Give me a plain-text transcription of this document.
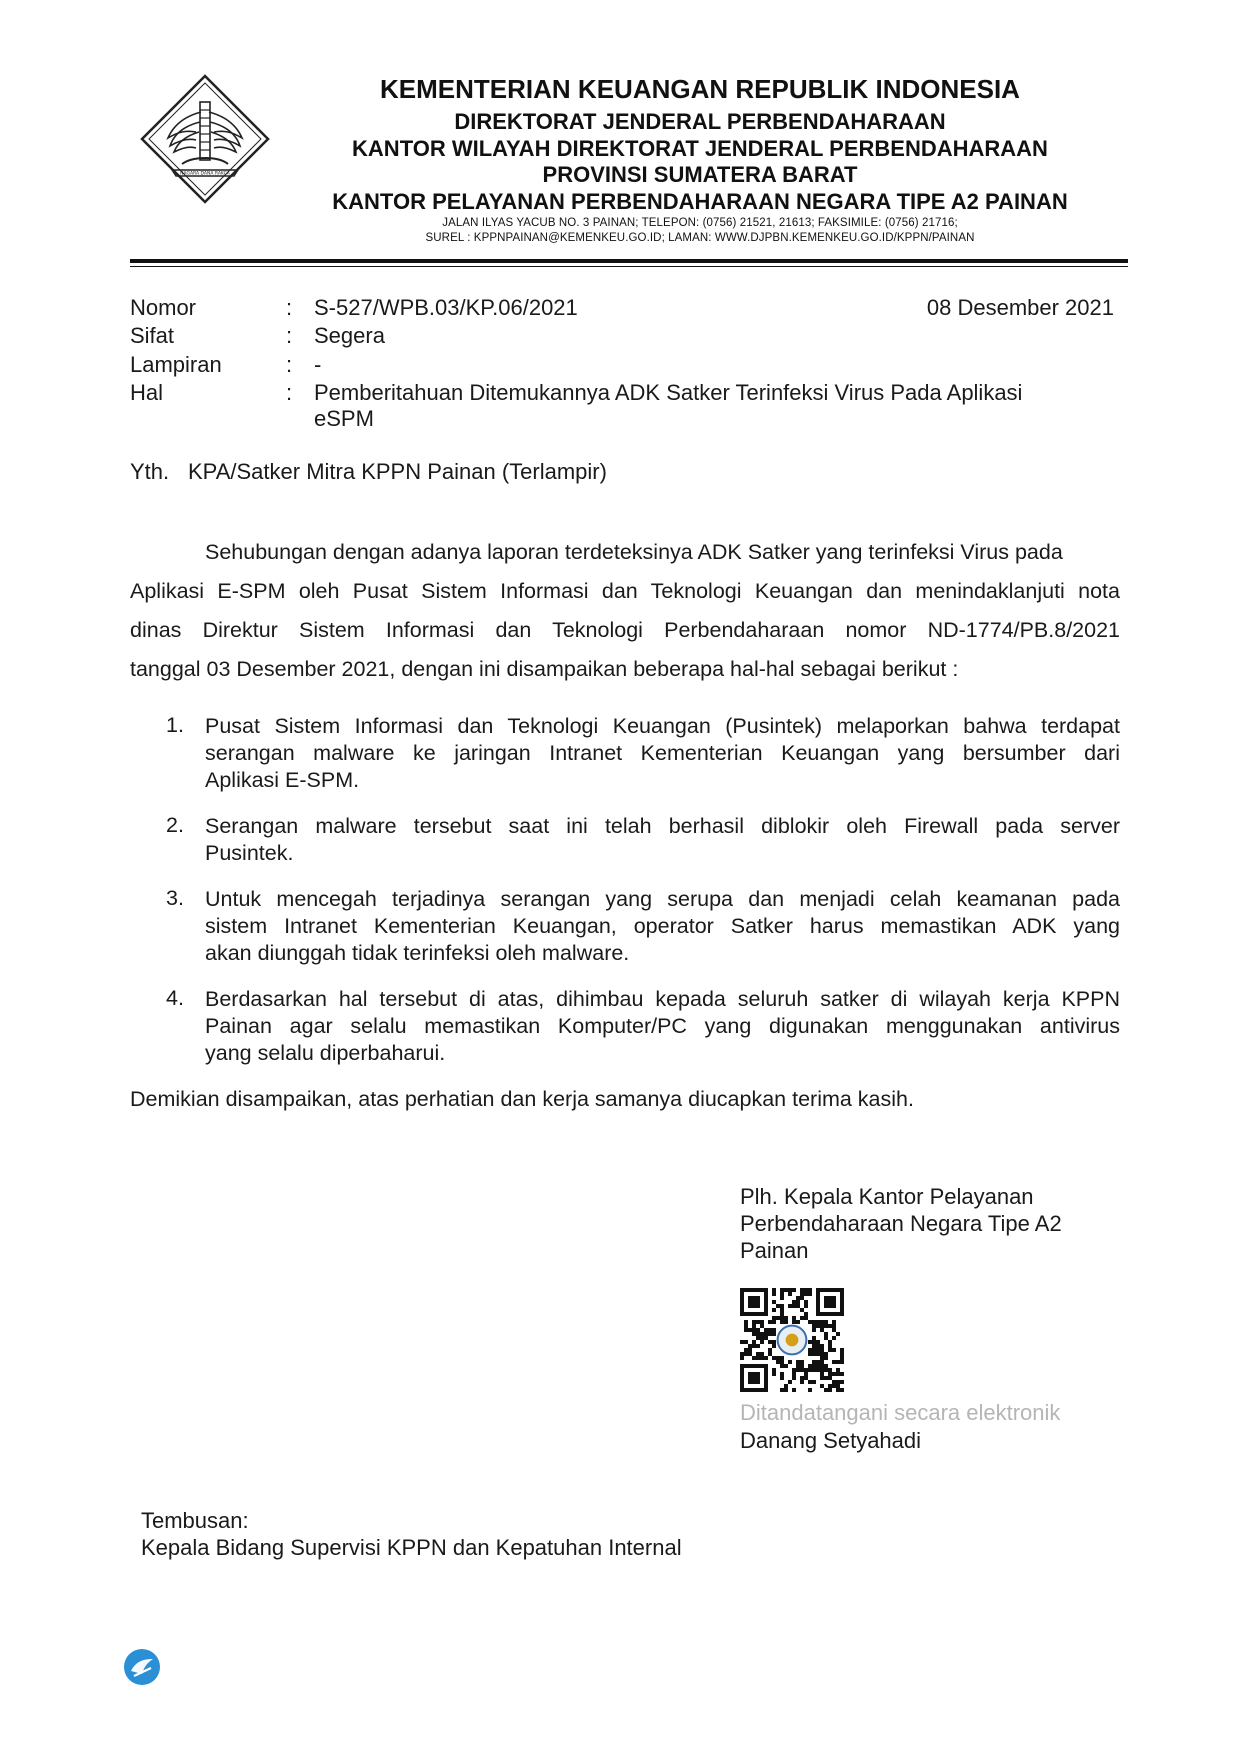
NAGARA DANA RAKCA
KEMENTERIAN KEUANGAN REPUBLIK INDONESIA
DIREKTORAT JENDERAL PERBENDAHARAAN
KANTOR WILAYAH DIREKTORAT JENDERAL PERBENDAHARAAN
PROVINSI SUMATERA BARAT
KANTOR PELAYANAN PERBENDAHARAAN NEGARA TIPE A2 PAINAN
JALAN ILYAS YACUB NO. 3 PAINAN; TELEPON: (0756) 21521, 21613; FAKSIMILE: (0756) 21716;
SUREL : KPPNPAINAN@KEMENKEU.GO.ID; LAMAN: WWW.DJPBN.KEMENKEU.GO.ID/KPPN/PAINAN
Nomor	: S-527/WPB.03/KP.06/2021	08 Desember 2021
Sifat	: Segera
Lampiran	: -
Hal	: Pemberitahuan Ditemukannya ADK Satker Terinfeksi Virus Pada Aplikasi
eSPM
Yth. KPA/Satker Mitra KPPN Painan (Terlampir)
Sehubungan dengan adanya laporan terdeteksinya ADK Satker yang terinfeksi Virus pada
Aplikasi E-SPM oleh Pusat Sistem Informasi dan Teknologi Keuangan dan menindaklanjuti nota
dinas Direktur Sistem Informasi dan Teknologi Perbendaharaan nomor ND-1774/PB.8/2021
tanggal 03 Desember 2021, dengan ini disampaikan beberapa hal-hal sebagai berikut :
1. Pusat Sistem Informasi dan Teknologi Keuangan (Pusintek) melaporkan bahwa terdapat
serangan malware ke jaringan Intranet Kementerian Keuangan yang bersumber dari
Aplikasi E-SPM.
2. Serangan malware tersebut saat ini telah berhasil diblokir oleh Firewall pada server
Pusintek.
3. Untuk mencegah terjadinya serangan yang serupa dan menjadi celah keamanan pada
sistem Intranet Kementerian Keuangan, operator Satker harus memastikan ADK yang
akan diunggah tidak terinfeksi oleh malware.
4. Berdasarkan hal tersebut di atas, dihimbau kepada seluruh satker di wilayah kerja KPPN
Painan agar selalu memastikan Komputer/PC yang digunakan menggunakan antivirus
yang selalu diperbaharui.
Demikian disampaikan, atas perhatian dan kerja samanya diucapkan terima kasih.
Plh. Kepala Kantor Pelayanan
Perbendaharaan Negara Tipe A2
Painan
Ditandatangani secara elektronik
Danang Setyahadi
Tembusan:
Kepala Bidang Supervisi KPPN dan Kepatuhan Internal
